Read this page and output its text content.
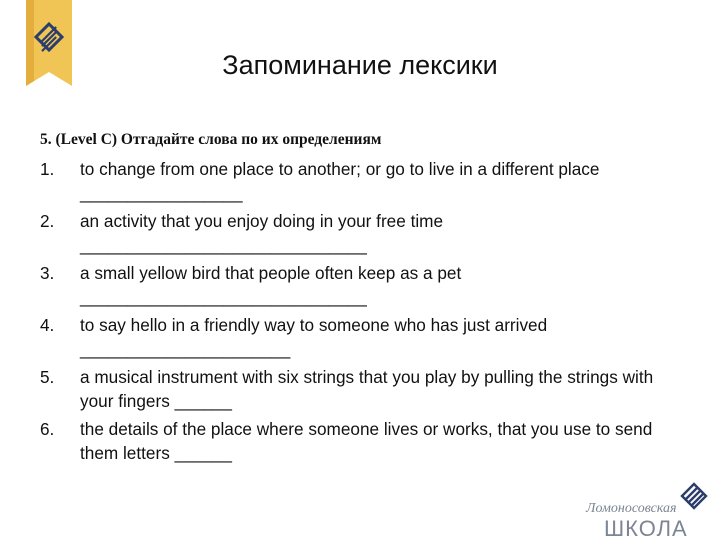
Запоминание лексики
5. (Level C) Отгадайте слова по их определениям
1. to change from one place to another; or go to live in a different place _________________
2. an activity that you enjoy doing in your free time ______________________________
3. a small yellow bird that people often keep as a pet ______________________________
4. to say hello in a friendly way to someone who has just arrived ______________________
5. a musical instrument with six strings that you play by pulling the strings with your fingers ______
6. the details of the place where someone lives or works, that you use to send them letters ______
Ломоносовская
ШКОЛА
